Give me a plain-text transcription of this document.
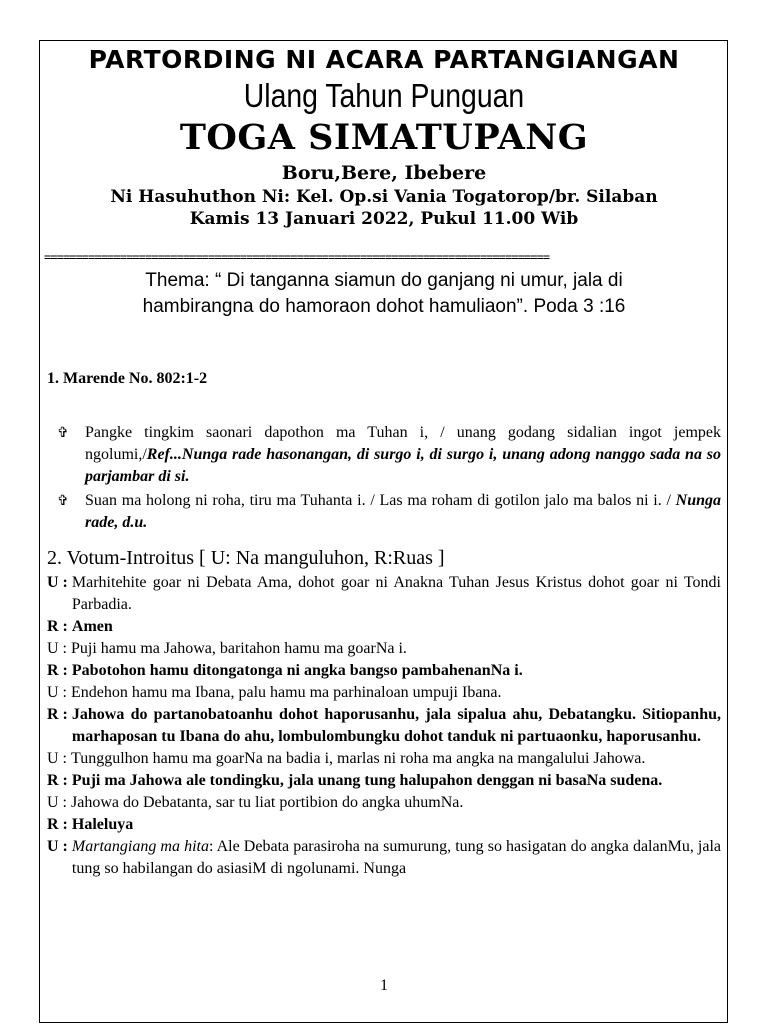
PARTORDING NI ACARA PARTANGIANGAN
Ulang Tahun Punguan
TOGA SIMATUPANG
Boru,Bere, Ibebere
Ni Hasuhuthon Ni: Kel. Op.si Vania Togatorop/br. Silaban
Kamis 13 Januari 2022, Pukul 11.00 Wib
================================================================================
Thema: “ Di tanganna siamun do ganjang ni umur, jala di
hambirangna do hamoraon dohot hamuliaon”. Poda 3 :16
1. Marende No. 802:1-2
✞	Pangke tingkim saonari dapothon ma Tuhan i, / unang godang sidalian ingot jempek ngolumi,/Ref...Nunga rade hasonangan, di surgo i, di surgo i, unang adong nanggo sada na so parjambar di si.
✞	Suan ma holong ni roha, tiru ma Tuhanta i. / Las ma roham di gotilon jalo ma balos ni i. / Nunga rade, d.u.
2. Votum-Introitus [ U: Na manguluhon, R:Ruas ]
U : Marhitehite goar ni Debata Ama, dohot goar ni Anakna Tuhan Jesus Kristus dohot goar ni Tondi Parbadia.
R : Amen
U : Puji hamu ma Jahowa, baritahon hamu ma goarNa i.
R : Pabotohon hamu ditongatonga ni angka bangso pambahenanNa i.
U : Endehon hamu ma Ibana, palu hamu ma parhinaloan umpuji Ibana.
R : Jahowa do partanobatoanhu dohot haporusanhu, jala sipalua ahu, Debatangku. Sitiopanhu, marhaposan tu Ibana do ahu, lombulombungku dohot tanduk ni partuaonku, haporusanhu.
U : Tunggulhon hamu ma goarNa na badia i, marlas ni roha ma angka na mangalului Jahowa.
R : Puji ma Jahowa ale tondingku, jala unang tung halupahon denggan ni basaNa sudena.
U : Jahowa do Debatanta, sar tu liat portibion do angka uhumNa.
R : Haleluya
U : Martangiang ma hita: Ale Debata parasiroha na sumurung, tung so hasigatan do angka dalanMu, jala tung so habilangan do asiasiM di ngolunami. Nunga
1
